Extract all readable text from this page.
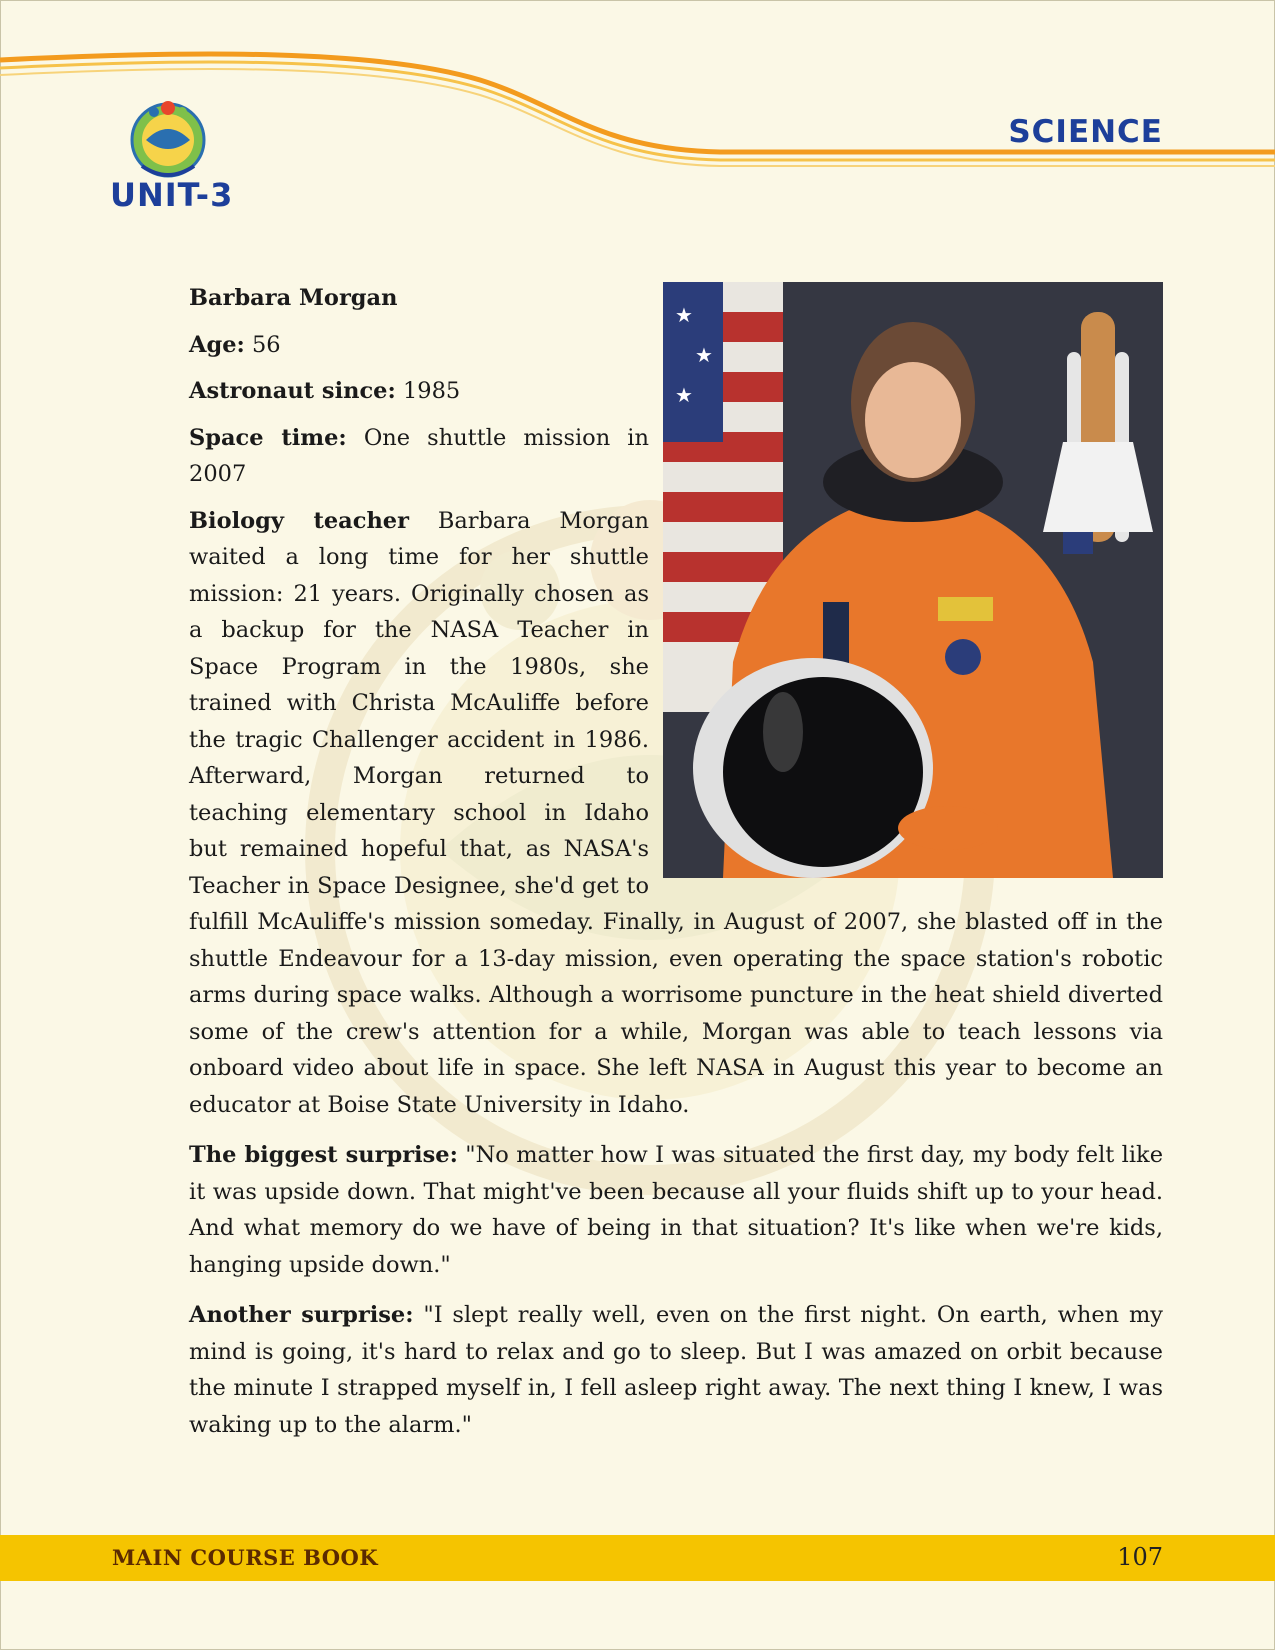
UNIT-3
SCIENCE
★
★
★

Barbara Morgan

Age: 56

Astronaut since: 1985

Space time: One shuttle mission in 2007

Biology teacher Barbara Morgan waited a long time for her shuttle mission: 21 years. Originally chosen as a backup for the NASA Teacher in Space Program in the 1980s, she trained with Christa McAuliffe before the tragic Challenger accident in 1986. Afterward, Morgan returned to teaching elementary school in Idaho but remained hopeful that, as NASA's Teacher in Space Designee, she'd get to fulfill McAuliffe's mission someday. Finally, in August of 2007, she blasted off in the shuttle Endeavour for a 13-day mission, even operating the space station's robotic arms during space walks. Although a worrisome puncture in the heat shield diverted some of the crew's attention for a while, Morgan was able to teach lessons via onboard video about life in space. She left NASA in August this year to become an educator at Boise State University in Idaho.

The biggest surprise: "No matter how I was situated the first day, my body felt like it was upside down. That might've been because all your fluids shift up to your head. And what memory do we have of being in that situation? It's like when we're kids, hanging upside down."

Another surprise: "I slept really well, even on the first night. On earth, when my mind is going, it's hard to relax and go to sleep. But I was amazed on orbit because the minute I strapped myself in, I fell asleep right away. The next thing I knew, I was waking up to the alarm."

MAIN COURSE BOOK	107
